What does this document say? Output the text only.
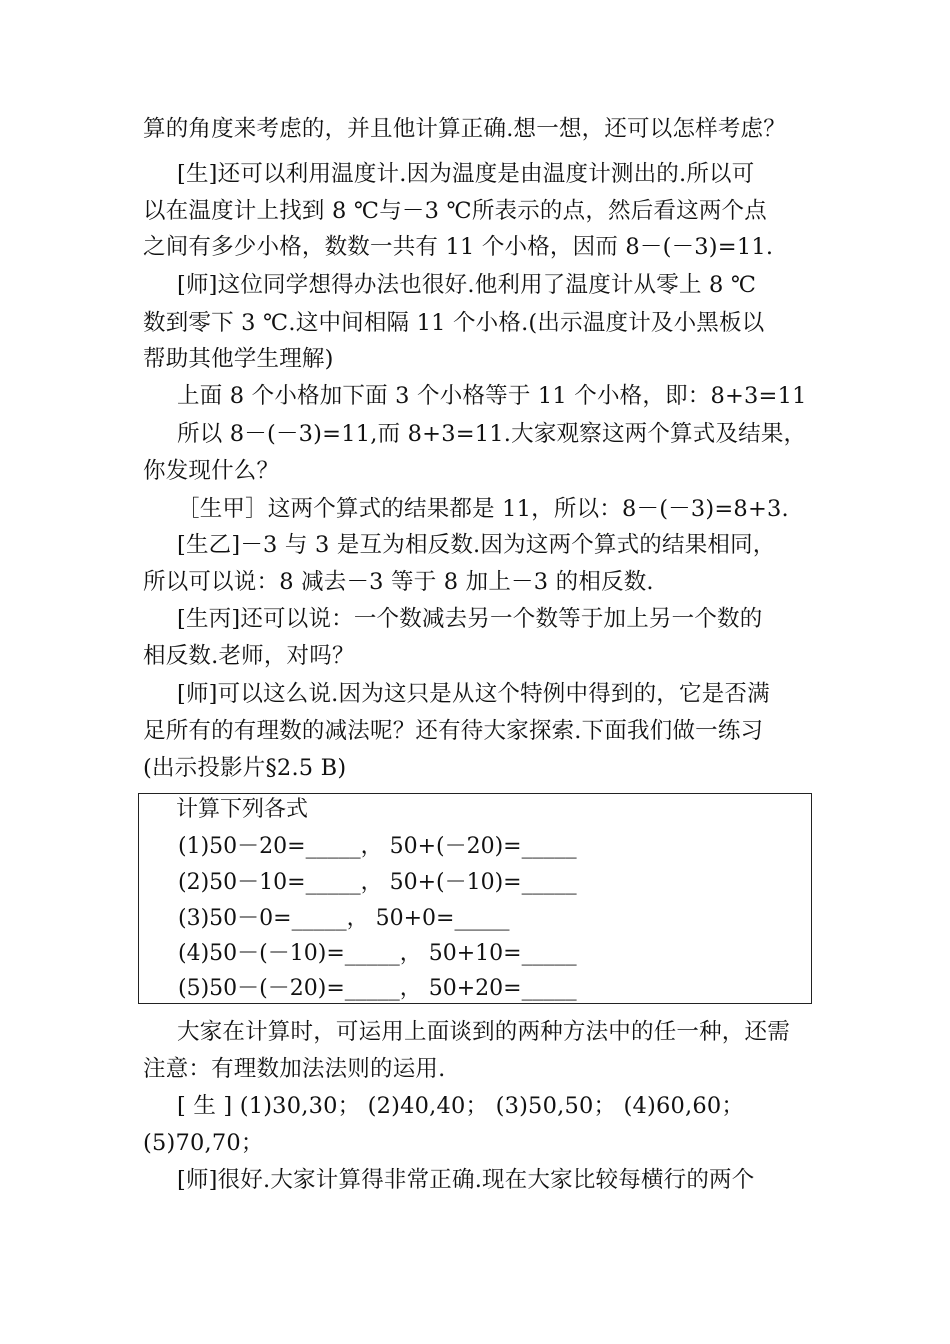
算的角度来考虑的，并且他计算正确.想一想，还可以怎样考虑？
[生]还可以利用温度计.因为温度是由温度计测出的.所以可
以在温度计上找到 8 ℃与－3 ℃所表示的点，然后看这两个点
之间有多少小格，数数一共有 11 个小格，因而 8－(－3)=11.
[师]这位同学想得办法也很好.他利用了温度计从零上 8 ℃
数到零下 3 ℃.这中间相隔 11 个小格.(出示温度计及小黑板以
帮助其他学生理解)
上面 8 个小格加下面 3 个小格等于 11 个小格，即：8+3=11
所以 8－(－3)=11,而 8+3=11.大家观察这两个算式及结果，
你发现什么？
［生甲］这两个算式的结果都是 11，所以：8－(－3)=8+3.
[生乙]－3 与 3 是互为相反数.因为这两个算式的结果相同，
所以可以说：8 减去－3 等于 8 加上－3 的相反数.
[生丙]还可以说：一个数减去另一个数等于加上另一个数的
相反数.老师，对吗？
[师]可以这么说.因为这只是从这个特例中得到的，它是否满
足所有的有理数的减法呢？还有待大家探索.下面我们做一练习
(出示投影片§2.5 B)
计算下列各式
(1)50－20=_____， 50+(－20)=_____
(2)50－10=_____， 50+(－10)=_____
(3)50－0=_____， 50+0=_____
(4)50－(－10)=_____， 50+10=_____
(5)50－(－20)=_____， 50+20=_____
大家在计算时，可运用上面谈到的两种方法中的任一种，还需
注意：有理数加法法则的运用.
[ 生 ] (1)30,30； (2)40,40； (3)50,50； (4)60,60；
(5)70,70；
[师]很好.大家计算得非常正确.现在大家比较每横行的两个
